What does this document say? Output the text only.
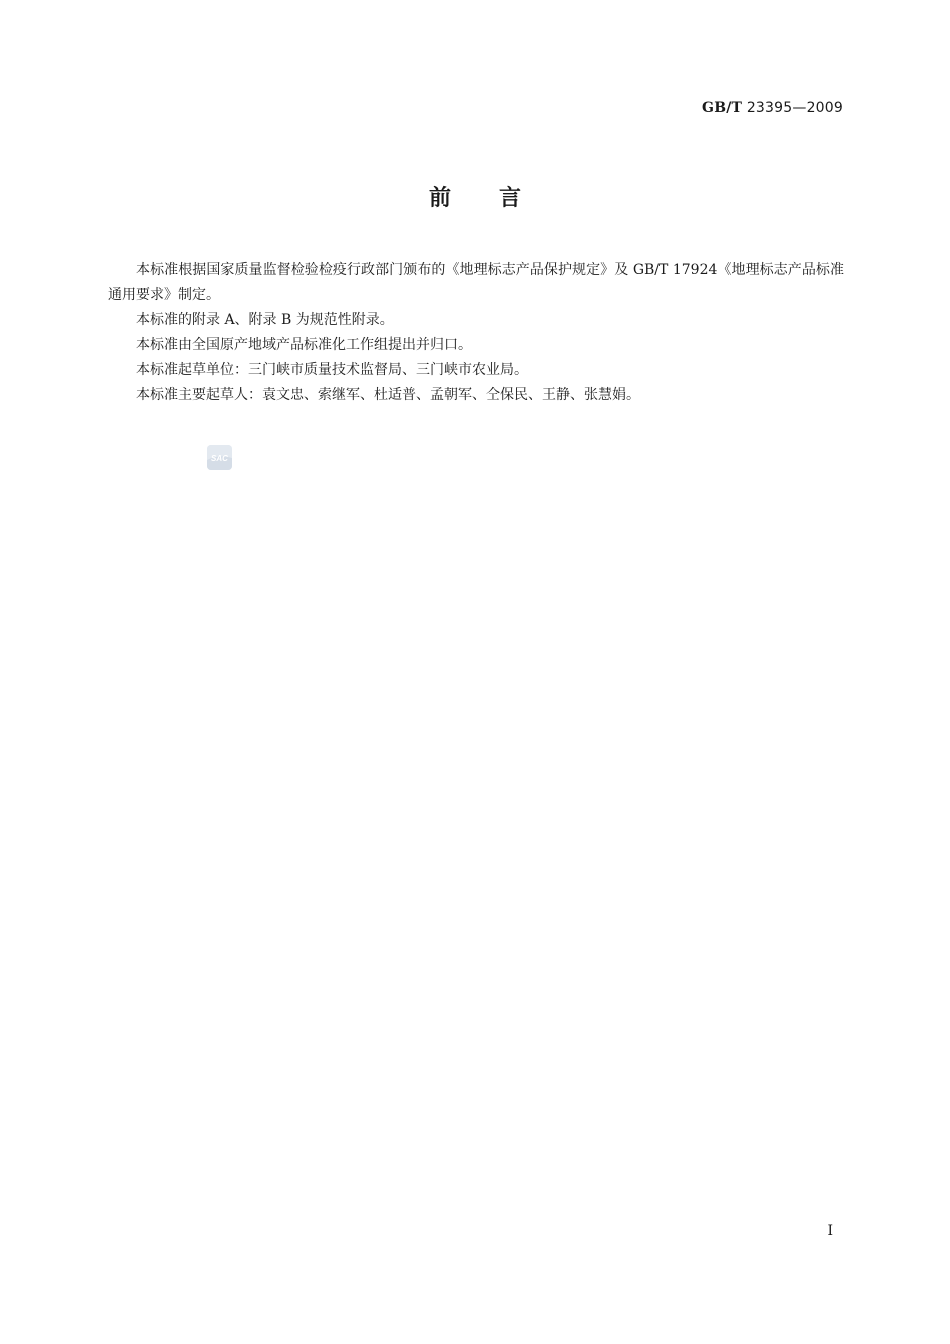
GB/T 23395—2009
前言

本标准根据国家质量监督检验检疫行政部门颁布的《地理标志产品保护规定》及 GB/T 17924《地理标志产品标准通用要求》制定。

本标准的附录 A、附录 B 为规范性附录。

本标准由全国原产地域产品标准化工作组提出并归口。

本标准起草单位：三门峡市质量技术监督局、三门峡市农业局。

本标准主要起草人：袁文忠、索继军、杜适普、孟朝军、仝保民、王静、张慧娟。

SAC
I
